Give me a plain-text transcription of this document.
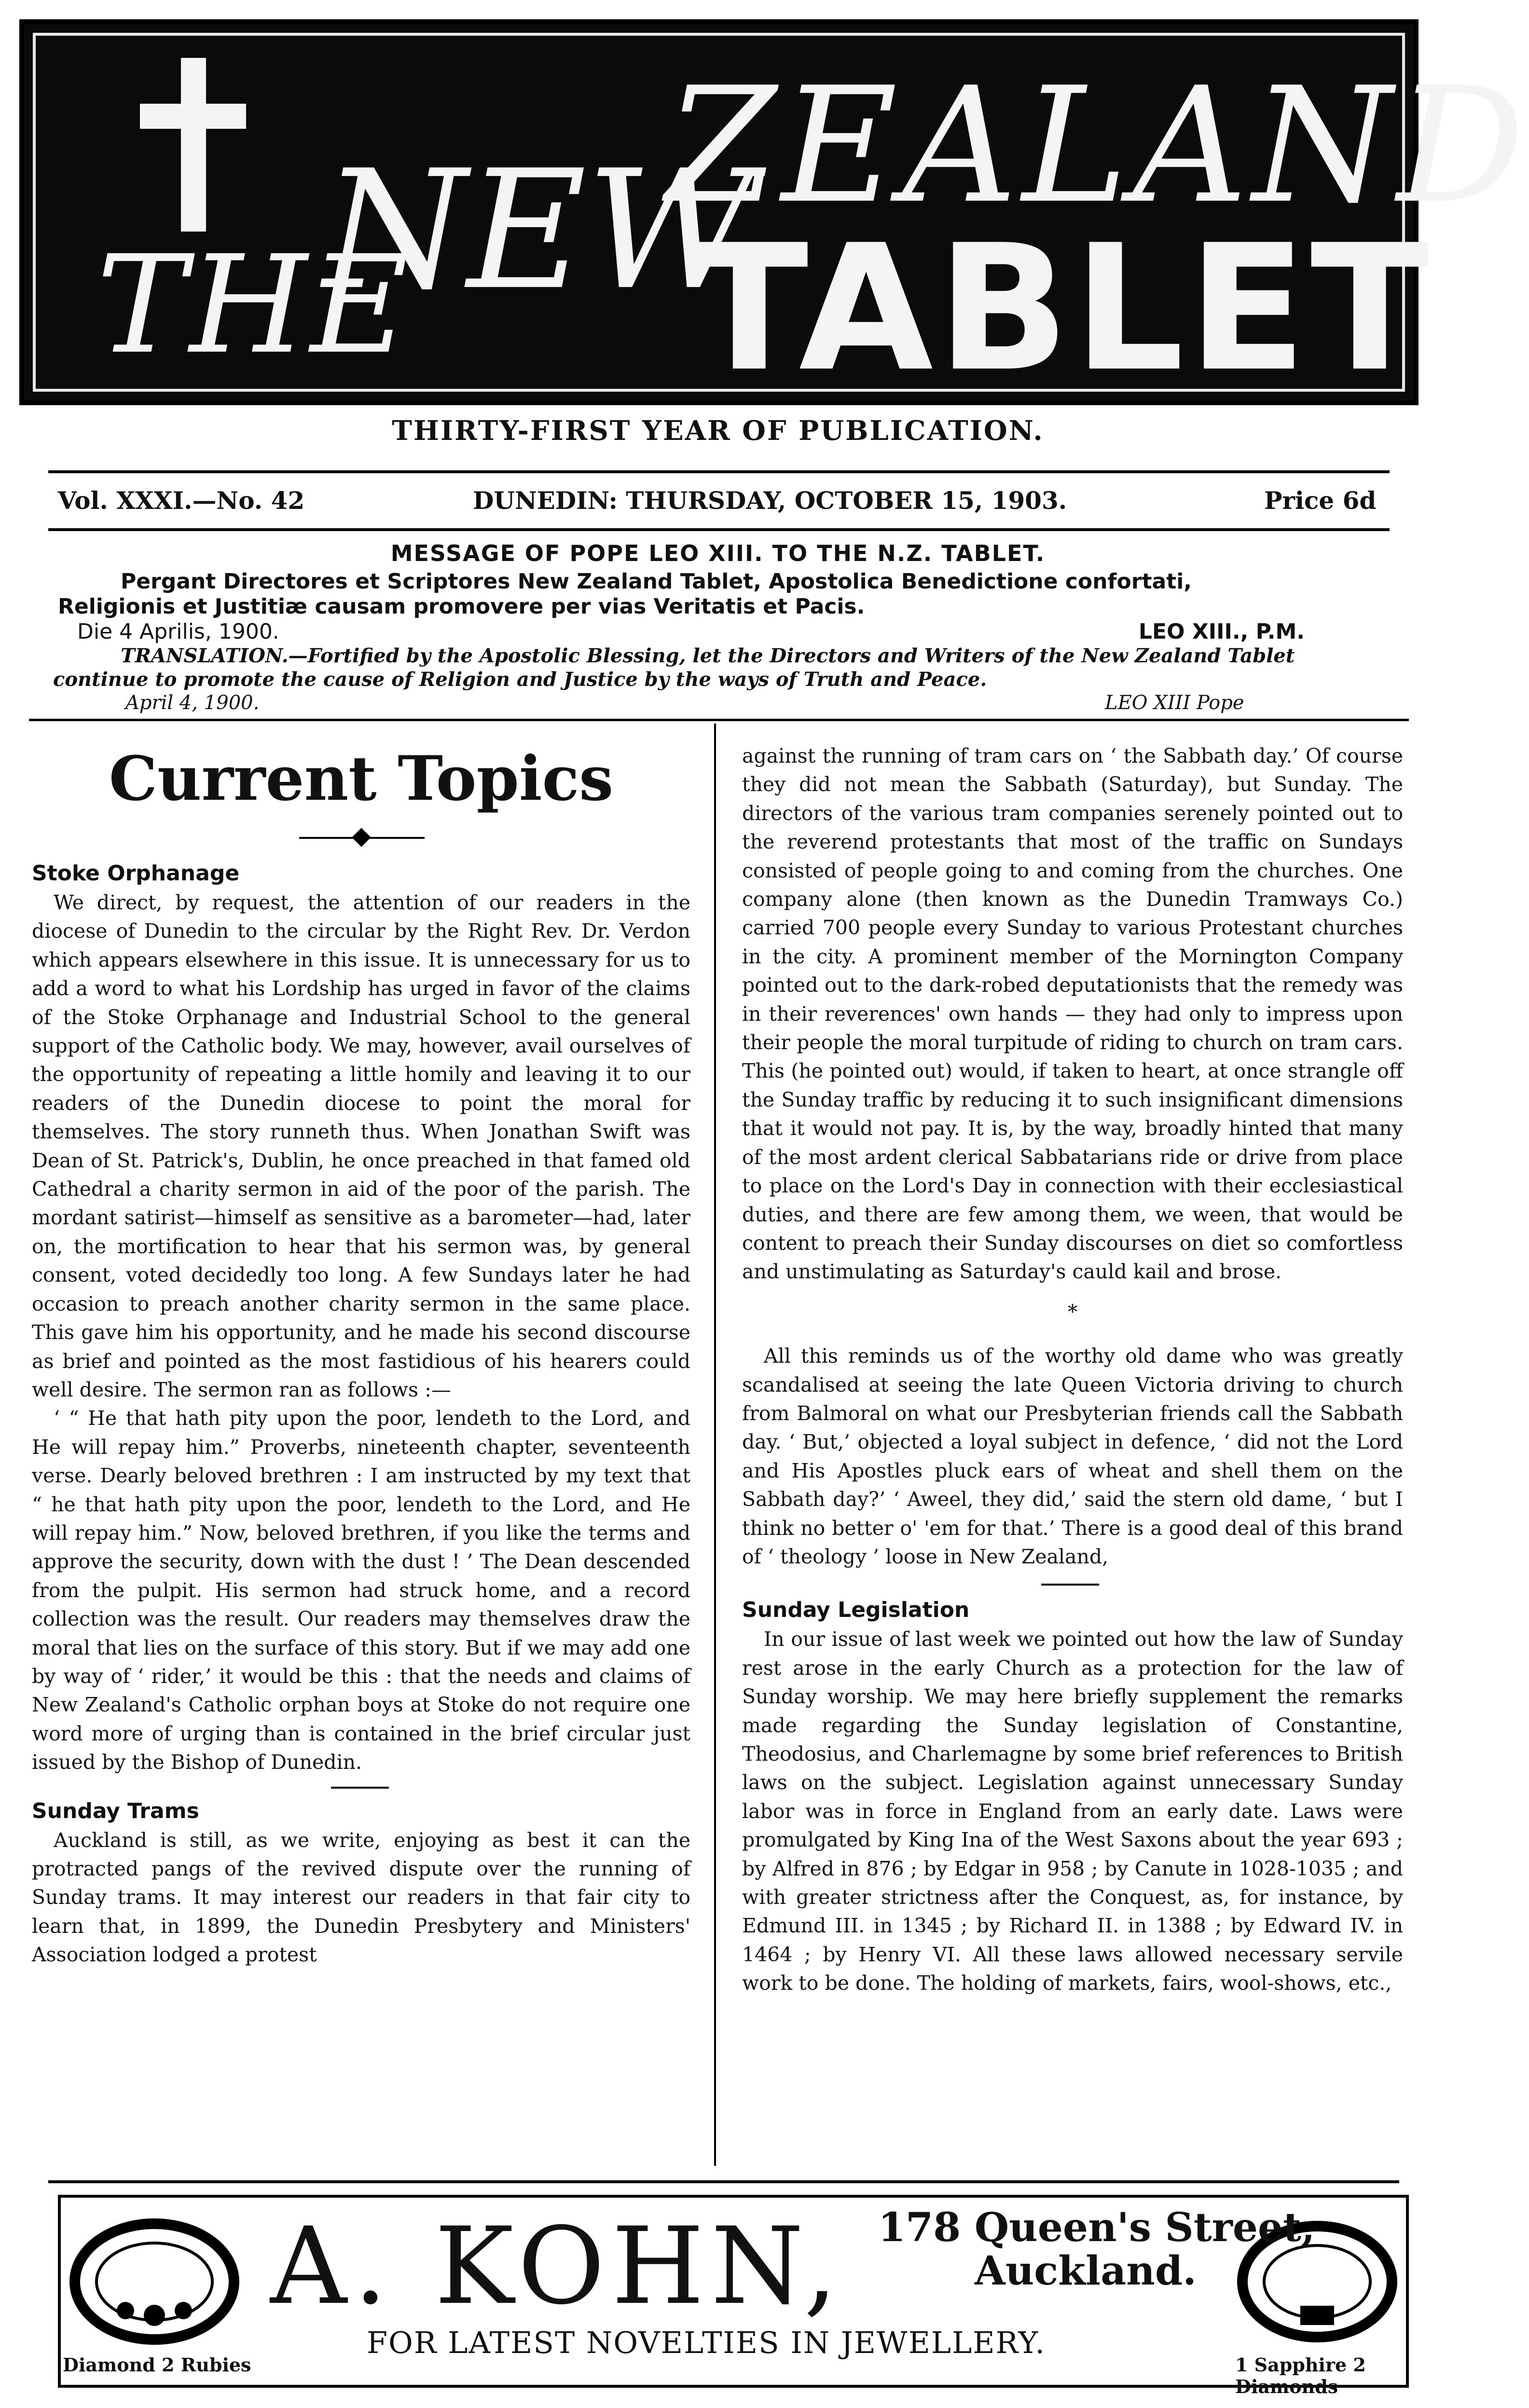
THE
NEW
ZEALAND
TABLET
THIRTY-FIRST YEAR OF PUBLICATION.
Vol. XXXI.—No. 42	DUNEDIN: THURSDAY, OCTOBER 15, 1903.	Price 6d
MESSAGE OF POPE LEO XIII. TO THE N.Z. TABLET.
Pergant Directores et Scriptores New Zealand Tablet, Apostolica Benedictione confortati,
Religionis et Justitiæ causam promovere per vias Veritatis et Pacis.
Die 4 Aprilis, 1900.	LEO XIII., P.M.
TRANSLATION.—Fortified by the Apostolic Blessing, let the Directors and Writers of the New Zealand Tablet
continue to promote the cause of Religion and Justice by the ways of Truth and Peace.
April 4, 1900.	LEO XIII Pope
Current Topics
Stoke Orphanage

We direct, by request, the attention of our readers in the diocese of Dunedin to the circular by the Right Rev. Dr. Verdon which appears elsewhere in this issue. It is unnecessary for us to add a word to what his Lordship has urged in favor of the claims of the Stoke Orphanage and Industrial School to the general support of the Catholic body. We may, however, avail ourselves of the opportunity of repeating a little homily and leaving it to our readers of the Dunedin diocese to point the moral for themselves. The story runneth thus. When Jonathan Swift was Dean of St. Patrick's, Dublin, he once preached in that famed old Cathedral a charity sermon in aid of the poor of the parish. The mordant satirist—himself as sensitive as a barometer—had, later on, the mortification to hear that his sermon was, by general consent, voted decidedly too long. A few Sundays later he had occasion to preach another charity sermon in the same place. This gave him his opportunity, and he made his second discourse as brief and pointed as the most fastidious of his hearers could well desire. The sermon ran as follows :—

‘ “ He that hath pity upon the poor, lendeth to the Lord, and He will repay him.” Proverbs, nineteenth chapter, seventeenth verse. Dearly beloved brethren : I am instructed by my text that “ he that hath pity upon the poor, lendeth to the Lord, and He will repay him.” Now, beloved brethren, if you like the terms and approve the security, down with the dust ! ’ The Dean descended from the pulpit. His sermon had struck home, and a record collection was the result. Our readers may themselves draw the moral that lies on the surface of this story. But if we may add one by way of ‘ rider,’ it would be this : that the needs and claims of New Zealand's Catholic orphan boys at Stoke do not require one word more of urging than is contained in the brief circular just issued by the Bishop of Dunedin.

Sunday Trams

Auckland is still, as we write, enjoying as best it can the protracted pangs of the revived dispute over the running of Sunday trams. It may interest our readers in that fair city to learn that, in 1899, the Dunedin Presbytery and Ministers' Association lodged a protest

against the running of tram cars on ‘ the Sabbath day.’ Of course they did not mean the Sabbath (Saturday), but Sunday. The directors of the various tram companies serenely pointed out to the reverend protestants that most of the traffic on Sundays consisted of people going to and coming from the churches. One company alone (then known as the Dunedin Tramways Co.) carried 700 people every Sunday to various Protestant churches in the city. A prominent member of the Mornington Company pointed out to the dark-robed deputationists that the remedy was in their reverences' own hands — they had only to impress upon their people the moral turpitude of riding to church on tram cars. This (he pointed out) would, if taken to heart, at once strangle off the Sunday traffic by reducing it to such insignificant dimensions that it would not pay. It is, by the way, broadly hinted that many of the most ardent clerical Sabbatarians ride or drive from place to place on the Lord's Day in connection with their ecclesiastical duties, and there are few among them, we ween, that would be content to preach their Sunday discourses on diet so comfortless and unstimulating as Saturday's cauld kail and brose.

*

All this reminds us of the worthy old dame who was greatly scandalised at seeing the late Queen Victoria driving to church from Balmoral on what our Presbyterian friends call the Sabbath day. ‘ But,’ objected a loyal subject in defence, ‘ did not the Lord and His Apostles pluck ears of wheat and shell them on the Sabbath day?’ ‘ Aweel, they did,’ said the stern old dame, ‘ but I think no better o' 'em for that.’ There is a good deal of this brand of ‘ theology ’ loose in New Zealand,

Sunday Legislation

In our issue of last week we pointed out how the law of Sunday rest arose in the early Church as a protection for the law of Sunday worship. We may here briefly supplement the remarks made regarding the Sunday legislation of Constantine, Theodosius, and Charlemagne by some brief references to British laws on the subject. Legislation against unnecessary Sunday labor was in force in England from an early date. Laws were promulgated by King Ina of the West Saxons about the year 693 ; by Alfred in 876 ; by Edgar in 958 ; by Canute in 1028-1035 ; and with greater strictness after the Conquest, as, for instance, by Edmund III. in 1345 ; by Richard II. in 1388 ; by Edward IV. in 1464 ; by Henry VI. All these laws allowed necessary servile work to be done. The holding of markets, fairs, wool-shows, etc.,

A. KOHN, 178 Queen's Street,
Auckland.
FOR LATEST NOVELTIES IN JEWELLERY.
Diamond 2 Rubies	1 Sapphire 2 Diamonds
